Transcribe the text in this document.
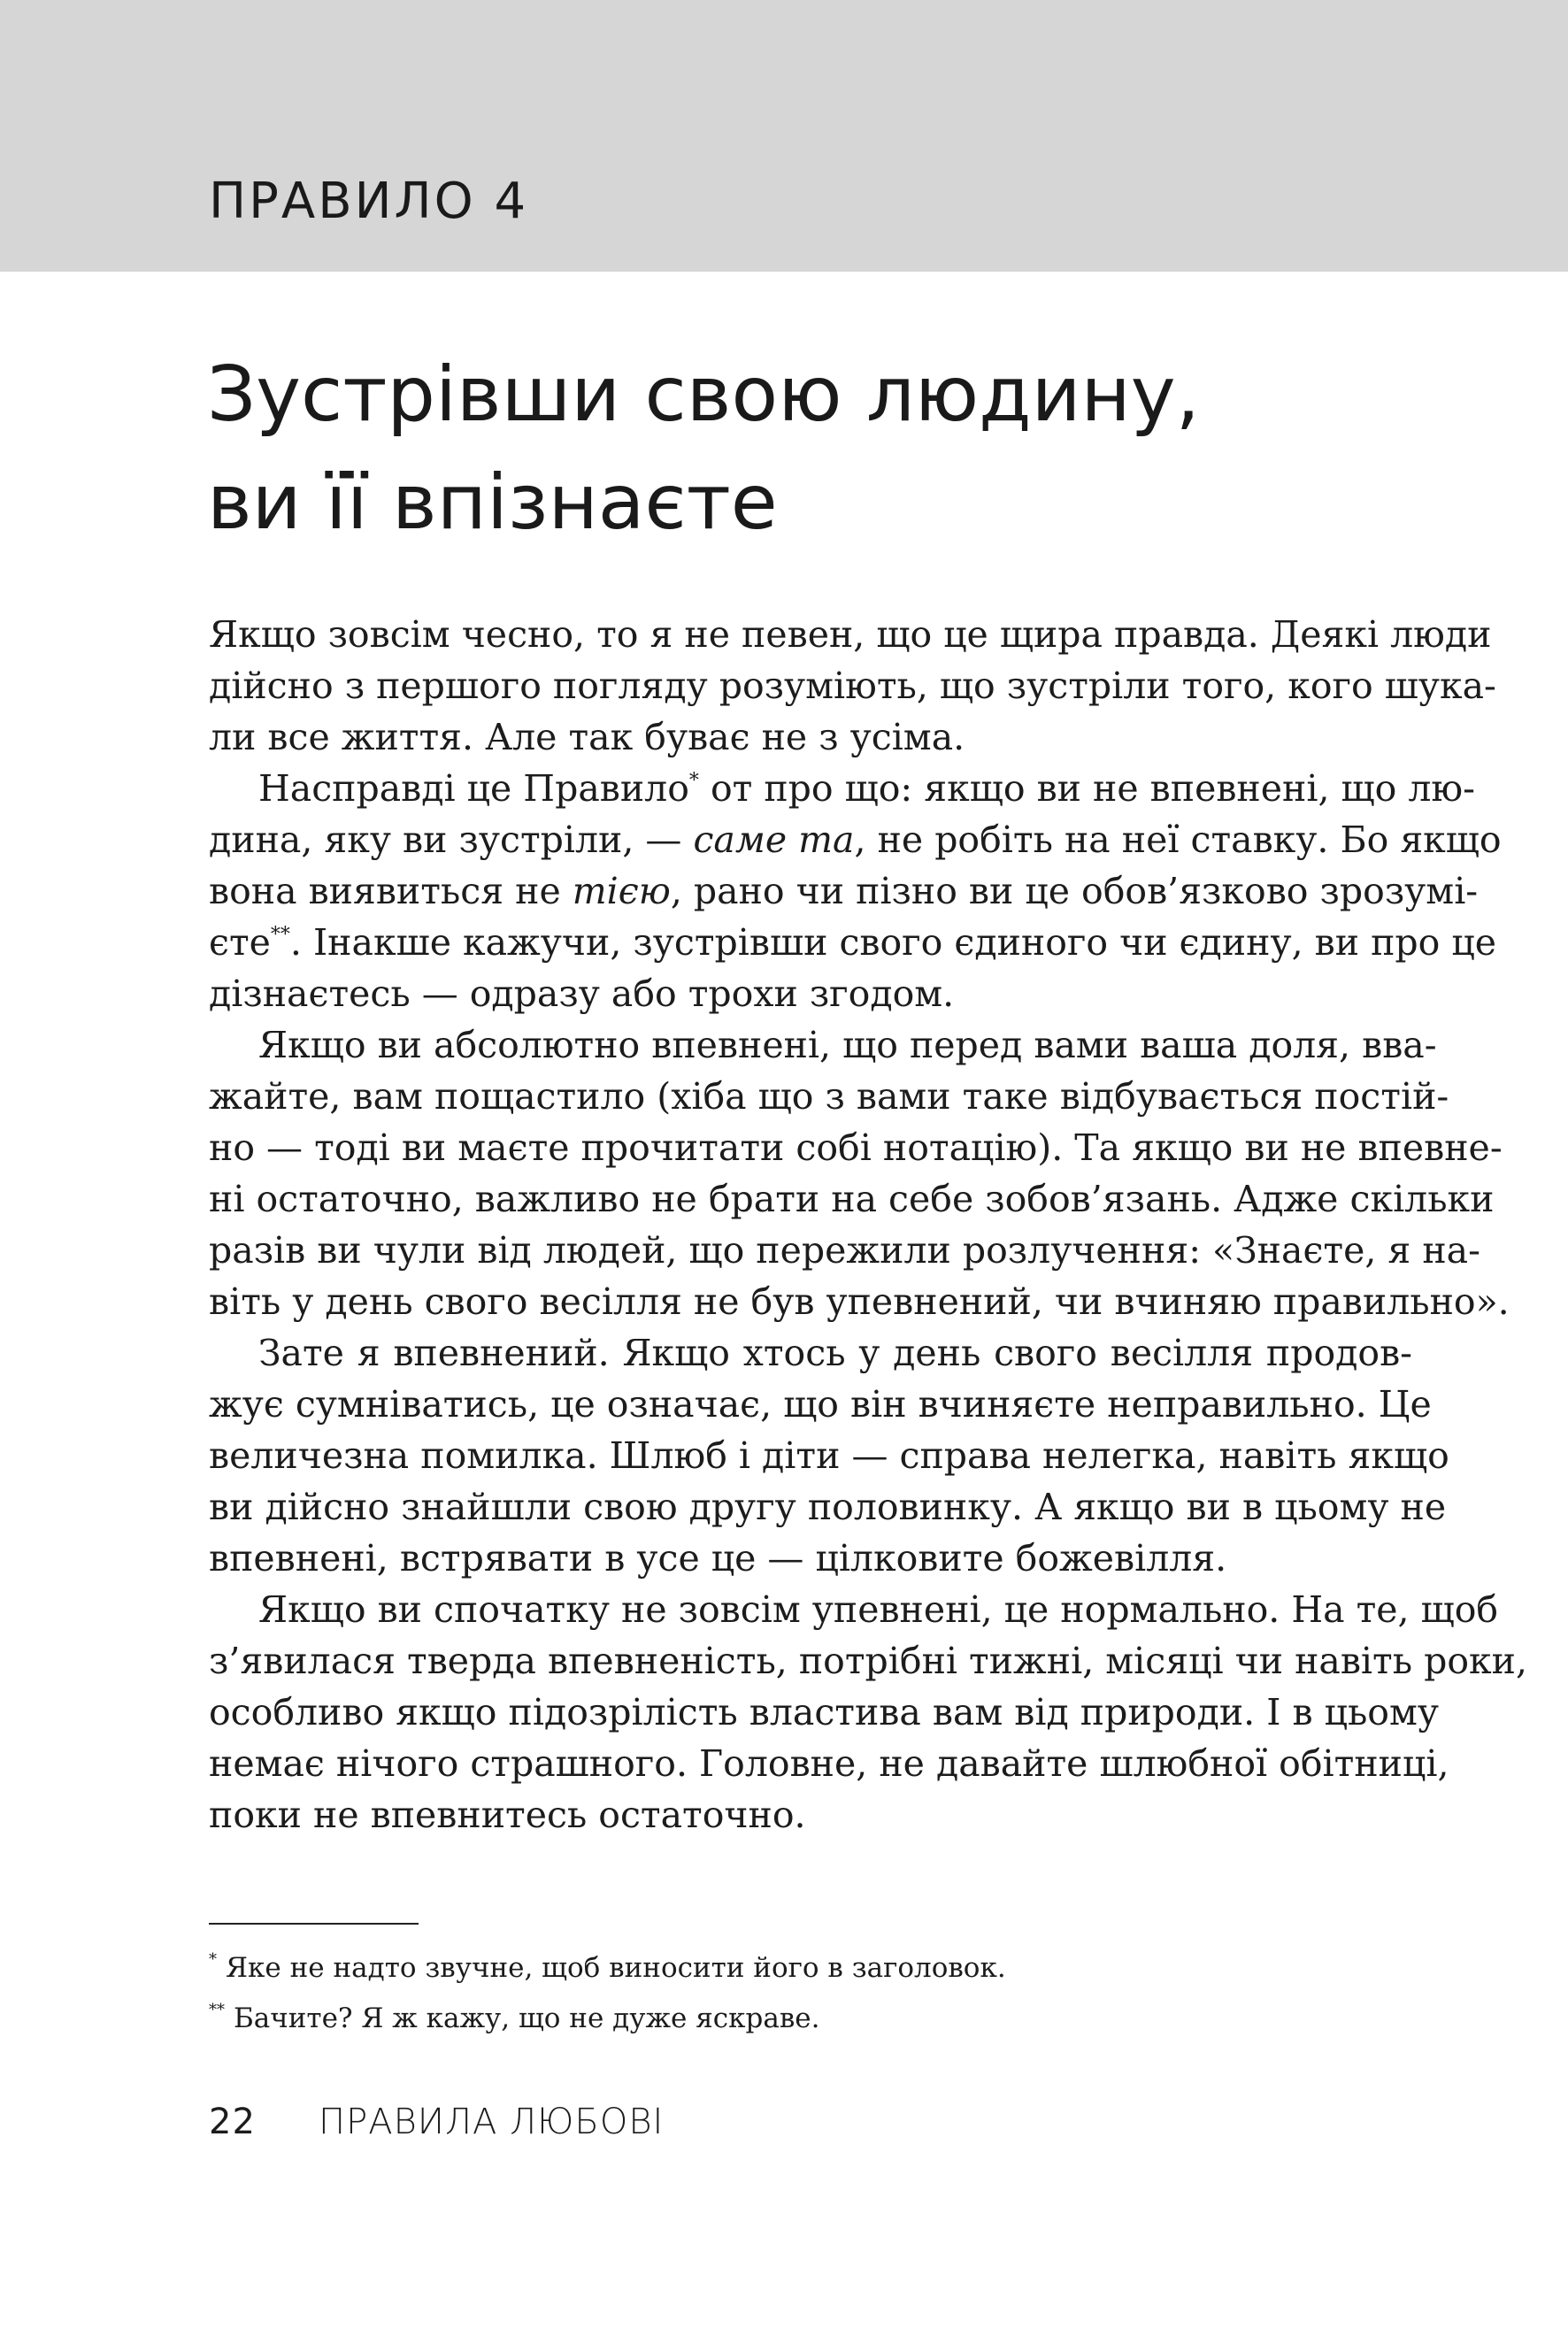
ПРАВИЛО 4
Зустрівши свою людину,
ви її впізнаєте
Якщо зовсім чесно, то я не певен, що це щира правда. Деякі люди
дійсно з першого погляду розуміють, що зустріли того, кого шука-
ли все життя. Але так буває не з усіма.
Насправді це Правило* от про що: якщо ви не впевнені, що лю-
дина, яку ви зустріли, — саме та, не робіть на неї ставку. Бо якщо
вона виявиться не тією, рано чи пізно ви це обов’язково зрозумі-
єте**. Інакше кажучи, зустрівши свого єдиного чи єдину, ви про це
дізнаєтесь — одразу або трохи згодом.
Якщо ви абсолютно впевнені, що перед вами ваша доля, вва-
жайте, вам пощастило (хіба що з вами таке відбувається постій-
но — тоді ви маєте прочитати собі нотацію). Та якщо ви не впевне-
ні остаточно, важливо не брати на себе зобов’язань. Адже скільки
разів ви чули від людей, що пережили розлучення: «Знаєте, я на-
віть у день свого весілля не був упевнений, чи вчиняю правильно».
Зате я впевнений. Якщо хтось у день свого весілля продов-
жує сумніватись, це означає, що він вчиняєте неправильно. Це
величезна помилка. Шлюб і діти — справа нелегка, навіть якщо
ви дійсно знайшли свою другу половинку. А якщо ви в цьому не
впевнені, встрявати в усе це — цілковите божевілля.
Якщо ви спочатку не зовсім упевнені, це нормально. На те, щоб
з’явилася тверда впевненість, потрібні тижні, місяці чи навіть роки,
особливо якщо підозрілість властива вам від природи. І в цьому
немає нічого страшного. Головне, не давайте шлюбної обітниці,
поки не впевнитесь остаточно.
* Яке не надто звучне, щоб виносити його в заголовок.
** Бачите? Я ж кажу, що не дуже яскраве.
22 ПРАВИЛА ЛЮБОВІ
